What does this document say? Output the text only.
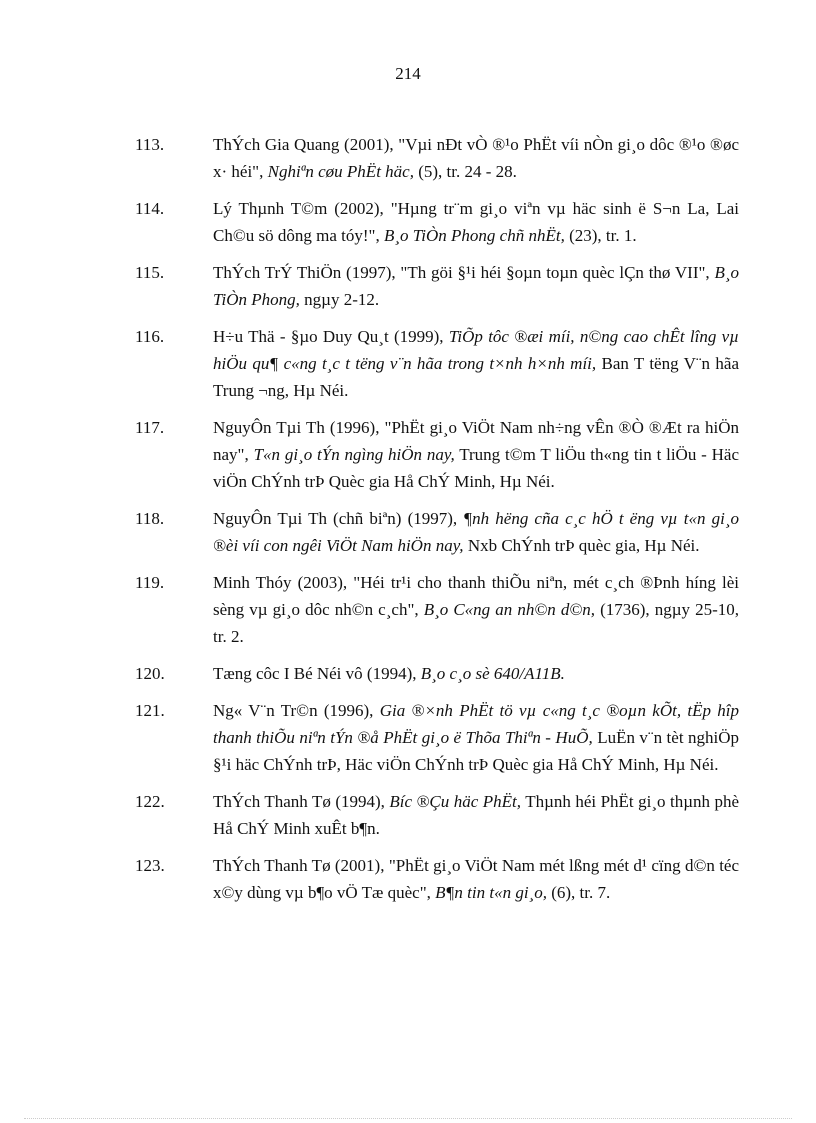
214
113.	ThÝch Gia Quang (2001), "Vµi nÐt vÒ ®¹o PhËt víi nÒn gi¸o dôc ®¹o ®øc x· héi", Nghiªn cøu PhËt häc, (5), tr. 24 - 28.
114.	Lý Thµnh T©m (2002), "Hµng tr¨m gi¸o viªn vµ häc sinh ë S¬n La, Lai Ch©u sö dông ma tóy!", B¸o TiÒn Phong chñ nhËt, (23), tr. 1.
115.	ThÝch TrÝ ThiÖn (1997), "Th göi §¹i héi §oµn toµn quèc lÇn thø VII", B¸o TiÒn Phong, ngµy 2-12.
116.	H÷u Thä - §µo Duy Qu¸t (1999), TiÕp tôc ®æi míi, n©ng cao chÊt lîng vµ hiÖu qu¶ c«ng t¸c t tëng v¨n hãa trong t×nh h×nh míi, Ban T tëng V¨n hãa Trung ¬ng, Hµ Néi.
117.	NguyÔn Tµi Th (1996), "PhËt gi¸o ViÖt Nam nh÷ng vÊn ®Ò ®Æt ra hiÖn nay", T«n gi¸o tÝn ngìng hiÖn nay, Trung t©m T liÖu th«ng tin t liÖu - Häc viÖn ChÝnh trÞ Quèc gia Hå ChÝ Minh, Hµ Néi.
118.	NguyÔn Tµi Th (chñ biªn) (1997), ¶nh hëng cña c¸c hÖ t ëng vµ t«n gi¸o ®èi víi con ngêi ViÖt Nam hiÖn nay, Nxb ChÝnh trÞ quèc gia, Hµ Néi.
119.	Minh Thóy (2003), "Héi tr¹i cho thanh thiÕu niªn, mét c¸ch ®Þnh híng lèi sèng vµ gi¸o dôc nh©n c¸ch", B¸o C«ng an nh©n d©n, (1736), ngµy 25-10, tr. 2.
120.	Tæng côc I Bé Néi vô (1994), B¸o c¸o sè 640/A11B.
121.	Ng« V¨n Tr©n (1996), Gia ®×nh PhËt tö vµ c«ng t¸c ®oµn kÕt, tËp hîp thanh thiÕu niªn tÝn ®å PhËt gi¸o ë Thõa Thiªn - HuÕ, LuËn v¨n tèt nghiÖp §¹i häc ChÝnh trÞ, Häc viÖn ChÝnh trÞ Quèc gia Hå ChÝ Minh, Hµ Néi.
122.	ThÝch Thanh Tø (1994), Bíc ®Çu häc PhËt, Thµnh héi PhËt gi¸o thµnh phè Hå ChÝ Minh xuÊt b¶n.
123.	ThÝch Thanh Tø (2001), "PhËt gi¸o ViÖt Nam mét lßng mét d¹ cïng d©n téc x©y dùng vµ b¶o vÖ Tæ quèc", B¶n tin t«n gi¸o, (6), tr. 7.
